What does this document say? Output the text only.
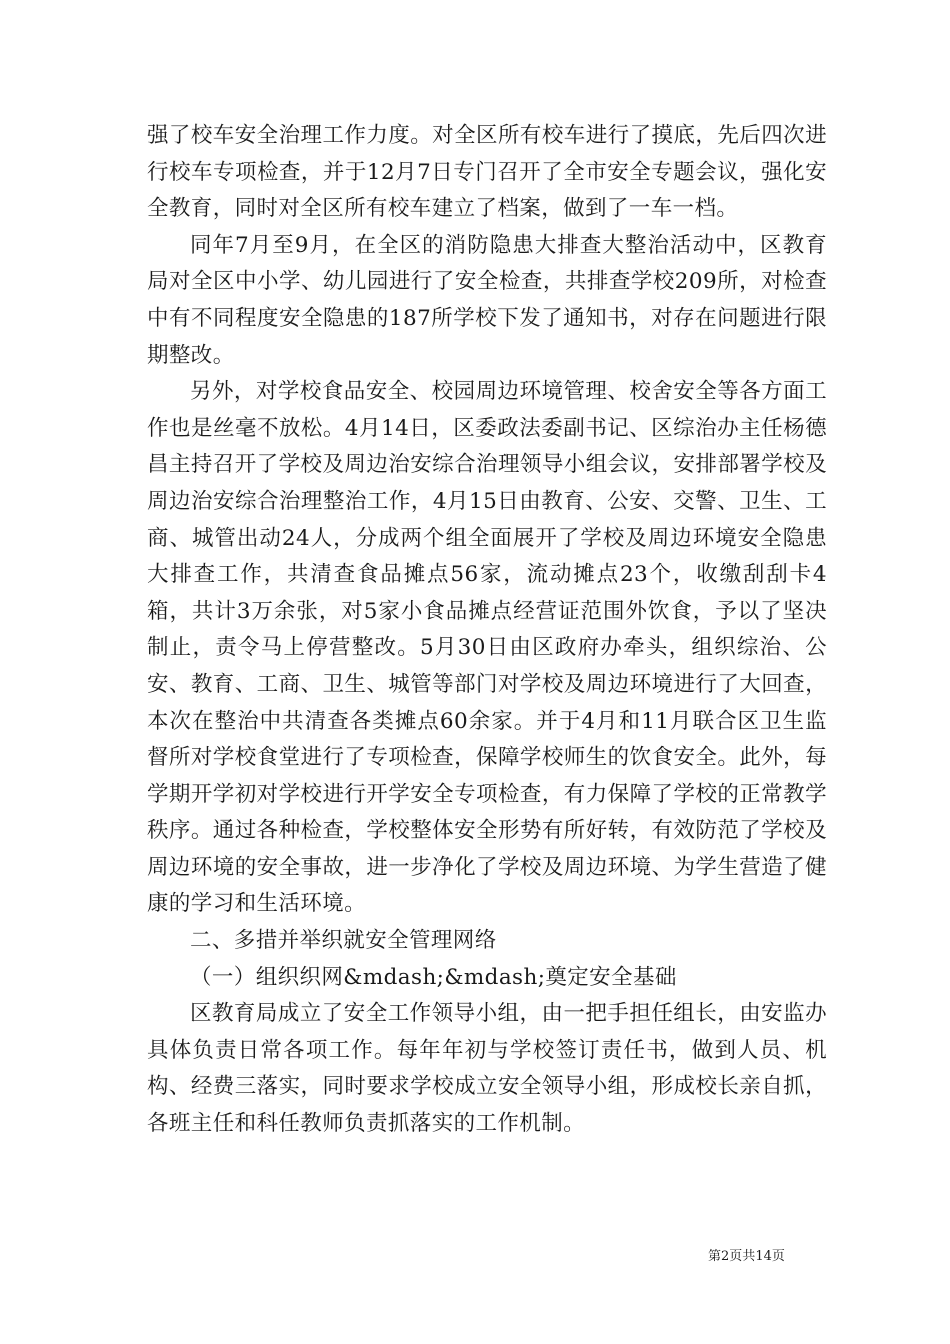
强了校车安全治理工作力度。对全区所有校车进行了摸底，先后四次进行校车专项检查，并于12月7日专门召开了全市安全专题会议，强化安全教育，同时对全区所有校车建立了档案，做到了一车一档。

同年7月至9月，在全区的消防隐患大排查大整治活动中，区教育局对全区中小学、幼儿园进行了安全检查，共排查学校209所，对检查中有不同程度安全隐患的187所学校下发了通知书，对存在问题进行限期整改。

另外，对学校食品安全、校园周边环境管理、校舍安全等各方面工作也是丝毫不放松。4月14日，区委政法委副书记、区综治办主任杨德昌主持召开了学校及周边治安综合治理领导小组会议，安排部署学校及周边治安综合治理整治工作，4月15日由教育、公安、交警、卫生、工商、城管出动24人，分成两个组全面展开了学校及周边环境安全隐患大排查工作，共清查食品摊点56家，流动摊点23个，收缴刮刮卡4箱，共计3万余张，对5家小食品摊点经营证范围外饮食，予以了坚决制止，责令马上停营整改。5月30日由区政府办牵头，组织综治、公安、教育、工商、卫生、城管等部门对学校及周边环境进行了大回查，本次在整治中共清查各类摊点60余家。并于4月和11月联合区卫生监督所对学校食堂进行了专项检查，保障学校师生的饮食安全。此外，每学期开学初对学校进行开学安全专项检查，有力保障了学校的正常教学秩序。通过各种检查，学校整体安全形势有所好转，有效防范了学校及周边环境的安全事故，进一步净化了学校及周边环境、为学生营造了健康的学习和生活环境。

二、多措并举织就安全管理网络

（一）组织织网&mdash;&mdash;奠定安全基础

区教育局成立了安全工作领导小组，由一把手担任组长，由安监办具体负责日常各项工作。每年年初与学校签订责任书，做到人员、机构、经费三落实，同时要求学校成立安全领导小组，形成校长亲自抓，各班主任和科任教师负责抓落实的工作机制。

第2页共14页
